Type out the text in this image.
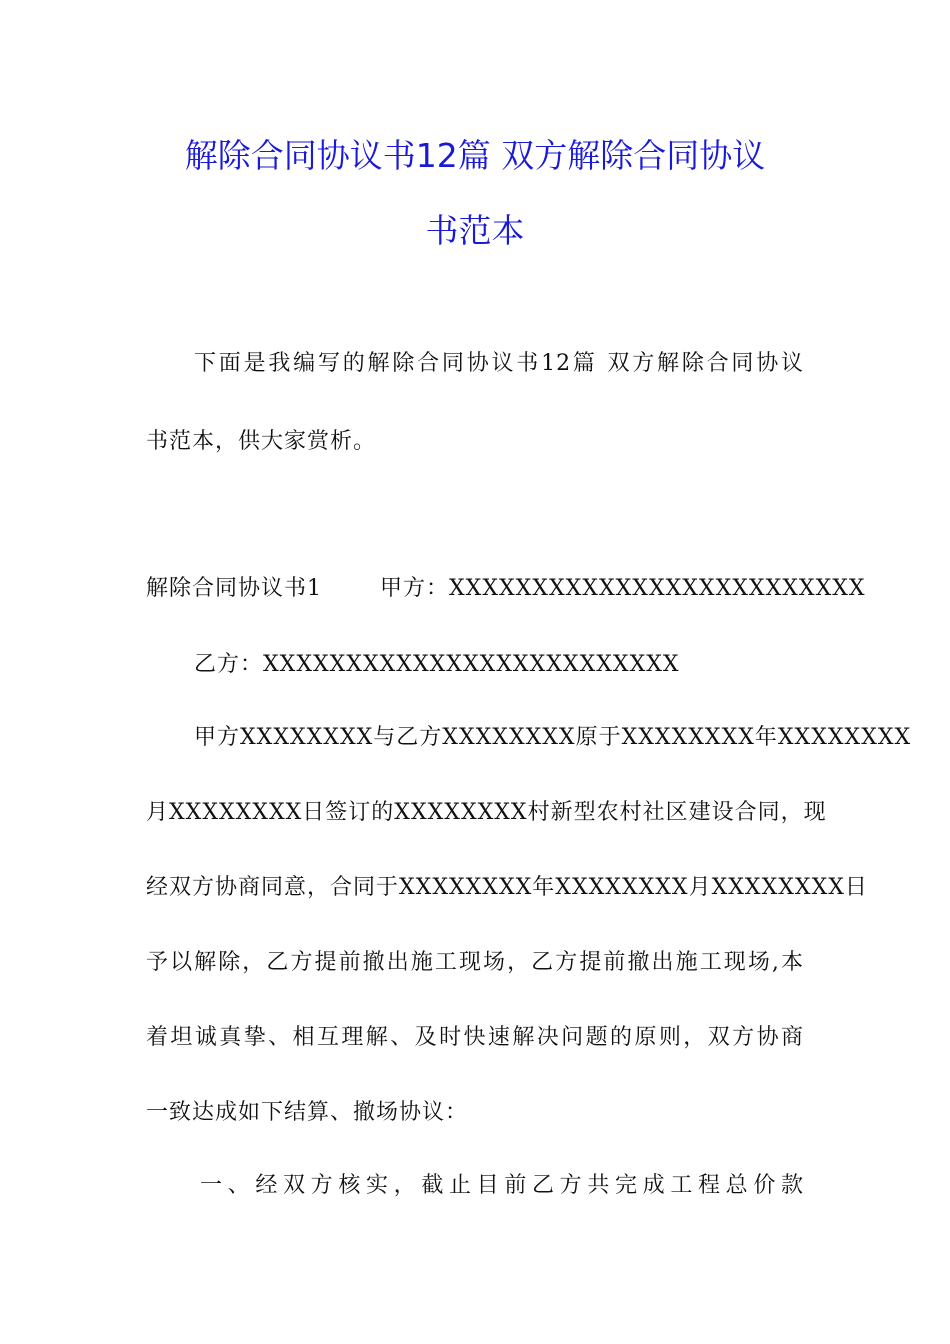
解除合同协议书12篇 双方解除合同协议
书范本

下面是我编写的解除合同协议书12篇 双方解除合同协议

书范本，供大家赏析。

解除合同协议书1	甲方：XXXXXXXXXXXXXXXXXXXXXXXXX

乙方：XXXXXXXXXXXXXXXXXXXXXXXXX

甲方XXXXXXXX与乙方XXXXXXXX原于XXXXXXXX年XXXXXXXX

月XXXXXXXX日签订的XXXXXXXX村新型农村社区建设合同，现

经双方协商同意，合同于XXXXXXXX年XXXXXXXX月XXXXXXXX日

予以解除，乙方提前撤出施工现场，乙方提前撤出施工现场,本

着坦诚真挚、相互理解、及时快速解决问题的原则，双方协商

一致达成如下结算、撤场协议：

一、经双方核实，截止目前乙方共完成工程总价款
